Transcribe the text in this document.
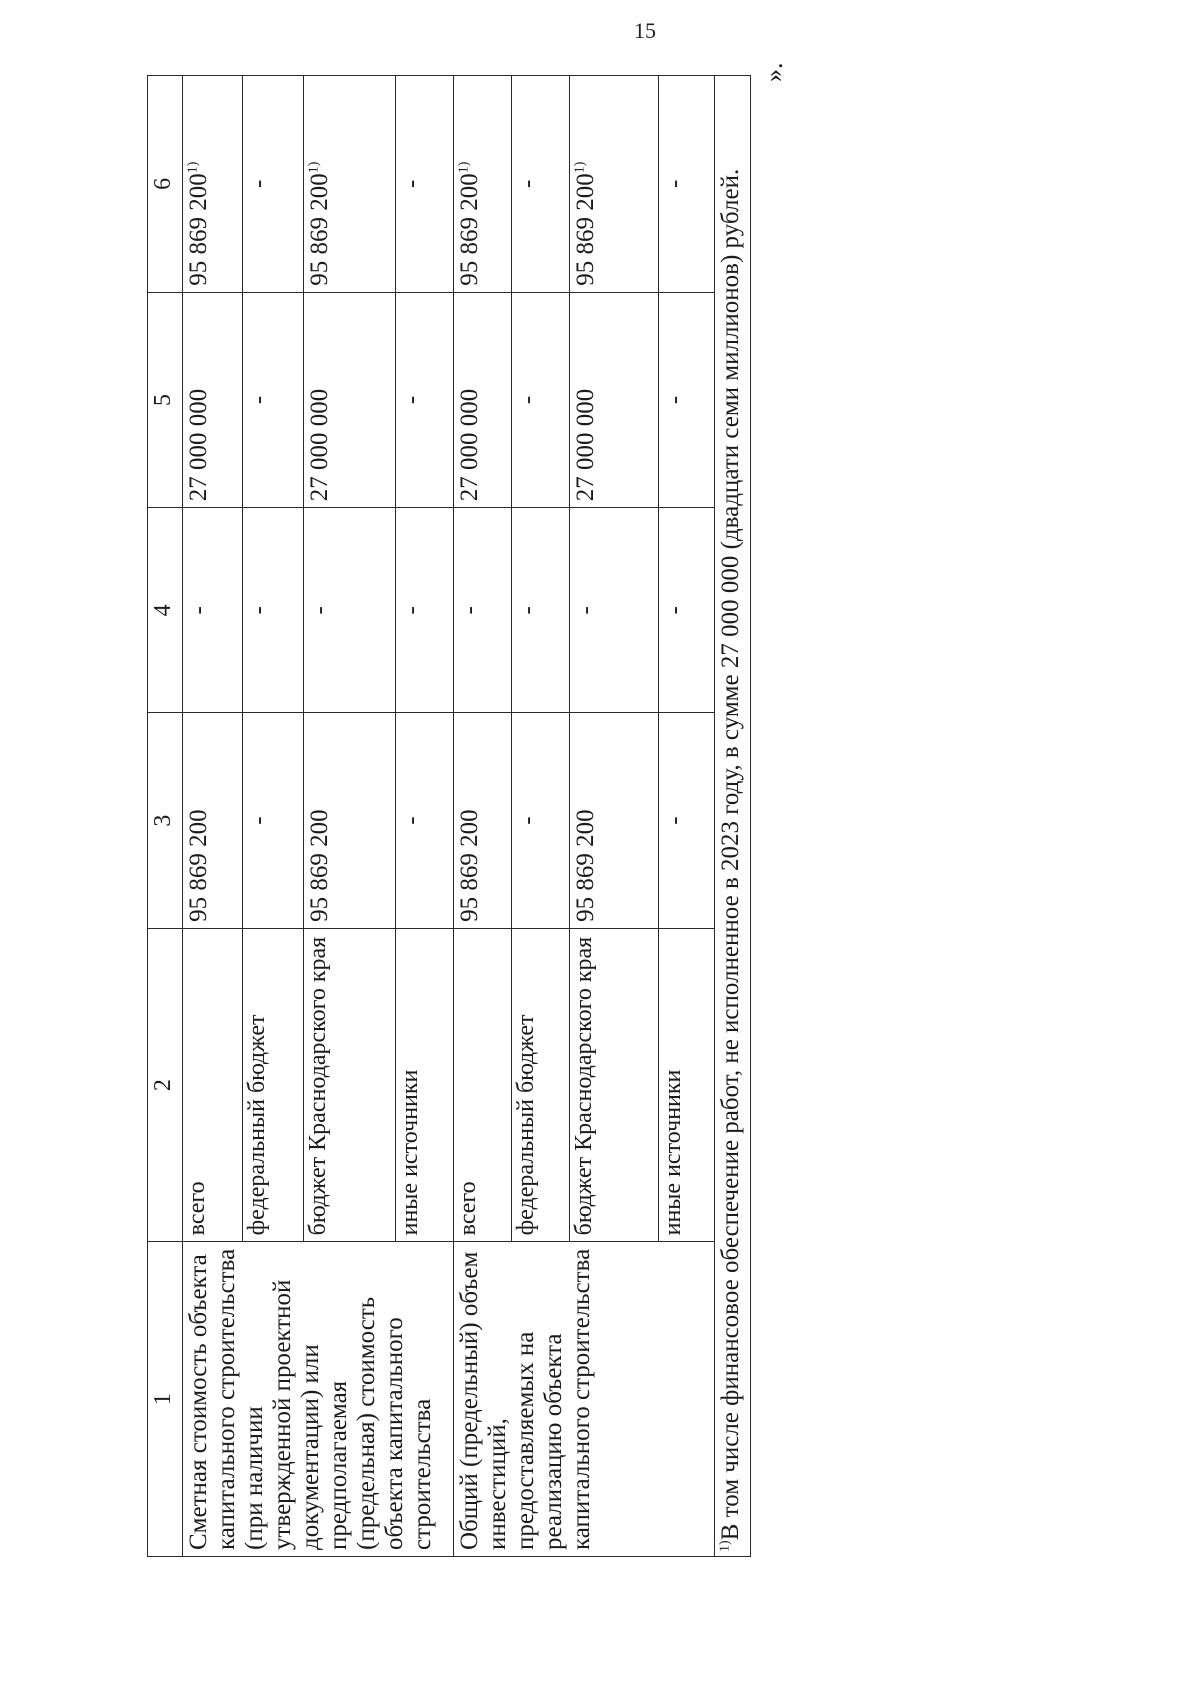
15
1	2	3	4	5	6
Сметная стоимость объекта капитального строительства (при наличии утвержденной проектной документации) или предполагаемая (предельная) стоимость объекта капитального строительства	всего	95 869 200	-	27 000 000	95 869 200$^{1)}$
	федеральный бюджет	-	-	-	-
	бюджет Краснодарского края	95 869 200	-	27 000 000	95 869 200$^{1)}$
	иные источники	-	-	-	-
Общий (предельный) объем инвестиций, предоставляемых на реализацию объекта капитального строительства	всего	95 869 200	-	27 000 000	95 869 200$^{1)}$
	федеральный бюджет	-	-	-	-
	бюджет Краснодарского края	95 869 200	-	27 000 000	95 869 200$^{1)}$
	иные источники	-	-	-	-
$^{1)}$В том числе финансовое обеспечение работ, не исполненное в 2023 году, в сумме 27 000 000 (двадцати семи миллионов) рублей.
».
